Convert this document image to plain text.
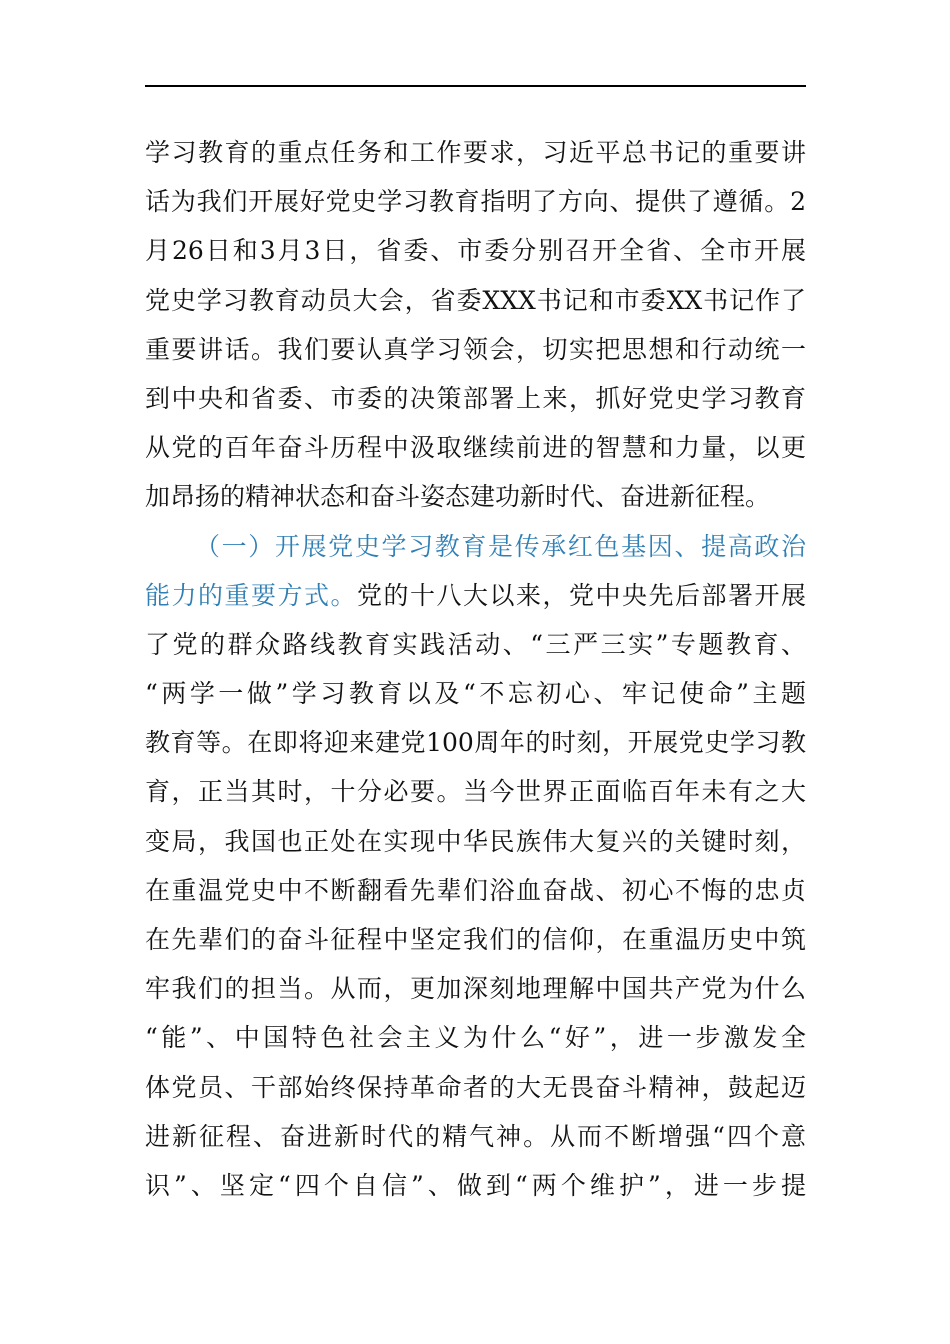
学习教育的重点任务和工作要求，习近平总书记的重要讲
话为我们开展好党史学习教育指明了方向、提供了遵循。2
月26日和3月3日，省委、市委分别召开全省、全市开展
党史学习教育动员大会，省委XXX书记和市委XX书记作了
重要讲话。我们要认真学习领会，切实把思想和行动统一
到中央和省委、市委的决策部署上来，抓好党史学习教育
从党的百年奋斗历程中汲取继续前进的智慧和力量，以更
加昂扬的精神状态和奋斗姿态建功新时代、奋进新征程。
（一）开展党史学习教育是传承红色基因、提高政治
能力的重要方式。党的十八大以来，党中央先后部署开展
了党的群众路线教育实践活动、“三严三实”专题教育、
“两学一做”学习教育以及“不忘初心、牢记使命”主题
教育等。在即将迎来建党100周年的时刻，开展党史学习教
育，正当其时，十分必要。当今世界正面临百年未有之大
变局，我国也正处在实现中华民族伟大复兴的关键时刻，
在重温党史中不断翻看先辈们浴血奋战、初心不悔的忠贞
在先辈们的奋斗征程中坚定我们的信仰，在重温历史中筑
牢我们的担当。从而，更加深刻地理解中国共产党为什么
“能”、中国特色社会主义为什么“好”，进一步激发全
体党员、干部始终保持革命者的大无畏奋斗精神，鼓起迈
进新征程、奋进新时代的精气神。从而不断增强“四个意
识”、坚定“四个自信”、做到“两个维护”，进一步提
